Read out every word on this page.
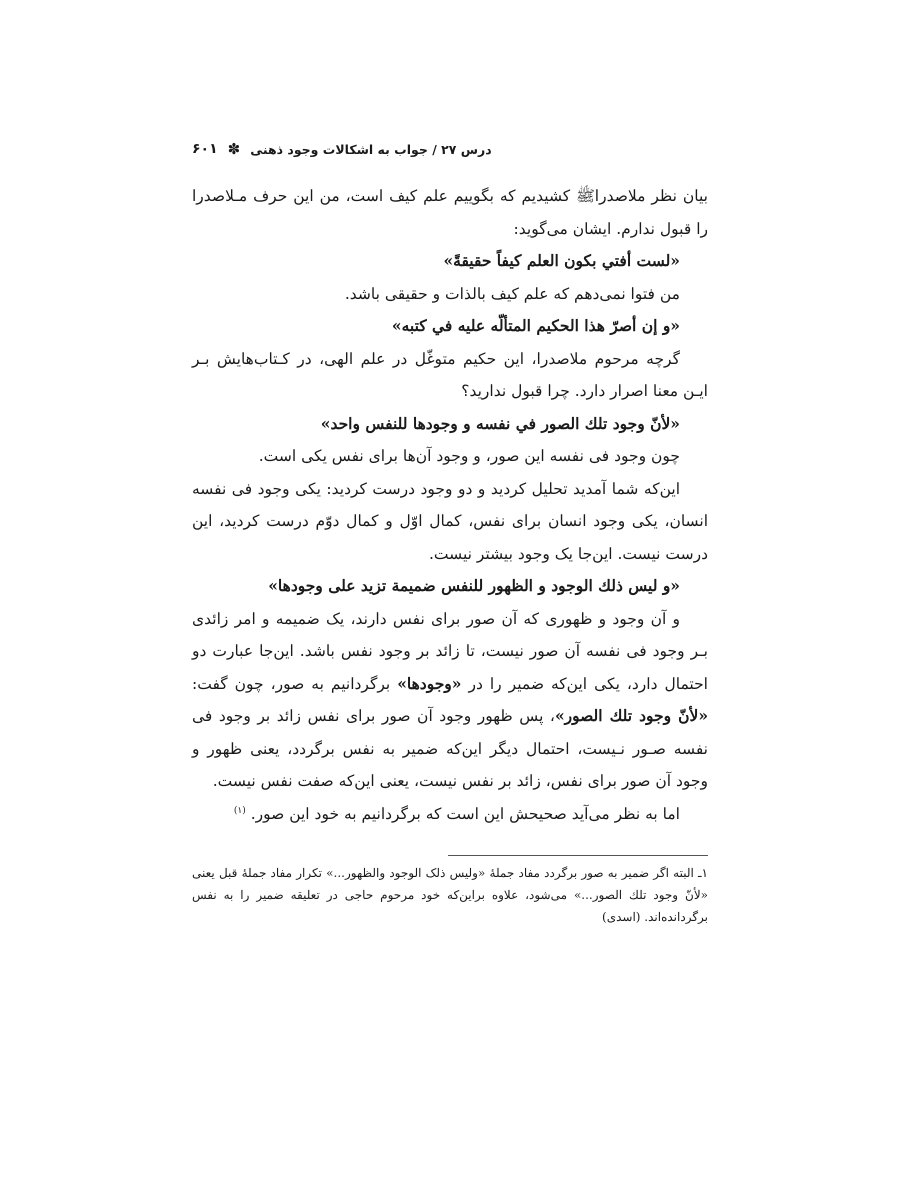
درس ۲۷ / جواب به اشکالات وجود ذهنی
✽
۶۰۱

بیان نظر ملاصدراﷺ کشیدیم که بگوییم علم کیف است، من این حرف مـلاصدرا را قبول ندارم. ایشان می‌گوید:

«لست أفتي بكون العلم كيفاً حقيقةً»

من فتوا نمی‌دهم که علم کیف بالذات و حقیقی باشد.

«و إن أصرّ هذا الحكيم المتألّه عليه في كتبه»

گرچه مرحوم ملاصدرا، این حکیم متوغّل در علم الهی، در کـتاب‌هایش بـر ایـن معنا اصرار دارد. چرا قبول ندارید؟

«لأنّ وجود تلك الصور في نفسه و وجودها للنفس واحد»

چون وجود فی نفسه این صور، و وجود آن‌ها برای نفس یکی است.

این‌که شما آمدید تحلیل کردید و دو وجود درست کردید: یکی وجود فی نفسه انسان، یکی وجود انسان برای نفس، کمال اوّل و کمال دوّم درست کردید، این درست نیست. این‌جا یک وجود بیشتر نیست.

«و ليس ذلك الوجود و الظهور للنفس ضميمة تزيد على وجودها»

و آن وجود و ظهوری که آن صور برای نفس دارند، یک ضمیمه و امر زائدی بـر وجود فی نفسه آن صور نیست، تا زائد بر وجود نفس باشد. این‌جا عبارت دو احتمال دارد، یکی این‌که ضمیر را در «وجودها» برگردانیم به صور، چون گفت: «لأنّ وجود تلك الصور»، پس ظهور وجود آن صور برای نفس زائد بر وجود فی نفسه صـور نـیست، احتمال دیگر این‌که ضمیر به نفس برگردد، یعنی ظهور و وجود آن صور برای نفس، زائد بر نفس نیست، یعنی این‌که صفت نفس نیست.

اما به نظر می‌آید صحیحش این است که برگردانیم به خود این صور. $^{(۱)}$

۱ـ البته اگر ضمیر به صور برگردد مفاد جملهٔ «ولیس ذلک الوجود والظهور...» تکرار مفاد جملهٔ قبل یعنی «لأنّ وجود تلك الصور...» می‌شود، علاوه براین‌که خود مرحوم حاجی در تعلیقه ضمیر را به نفس برگردانده‌اند. (اسدی)
